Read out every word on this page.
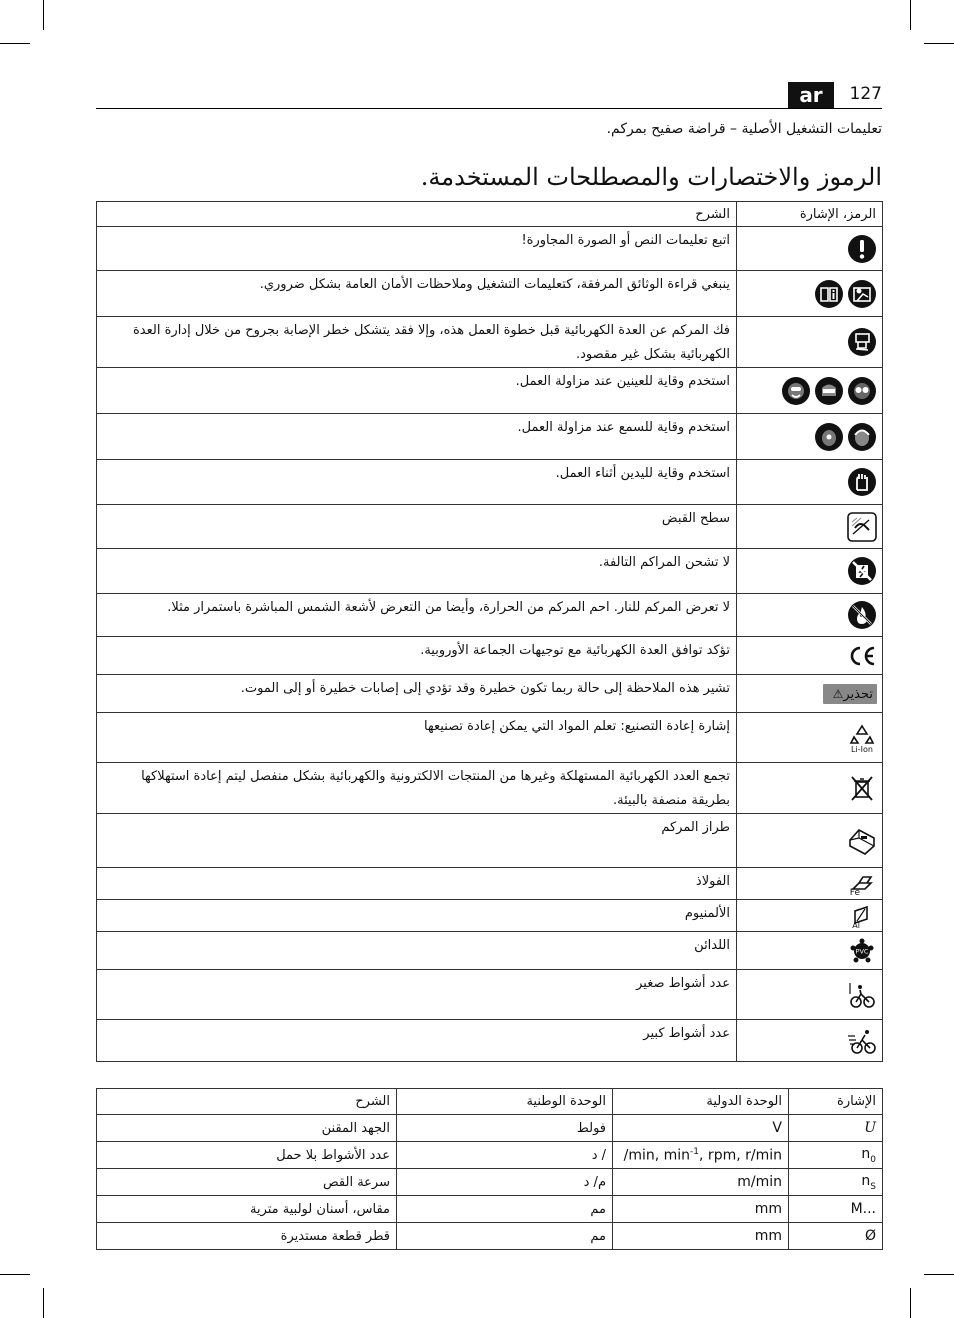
ar	127
تعليمات التشغيل الأصلية – قراضة صفيح بمركم.
الرموز والاختصارات والمصطلحات المستخدمة.
الرمز، الإشارة	الشرح

	اتبع تعليمات النص أو الصورة المجاورة!

	ينبغي قراءة الوثائق المرفقة، كتعليمات التشغيل وملاحظات الأمان العامة بشكل ضروري.

	فك المركم عن العدة الكهربائية قبل خطوة العمل هذه، وإلا فقد يتشكل خطر الإصابة بجروح من خلال إدارة العدة الكهربائية بشكل غير مقصود.

	استخدم وقاية للعينين عند مزاولة العمل.

	استخدم وقاية للسمع عند مزاولة العمل.

	استخدم وقاية لليدين أثناء العمل.

	سطح القبض

	لا تشحن المراكم التالفة.

	لا تعرض المركم للنار. احم المركم من الحرارة، وأيضا من التعرض لأشعة الشمس المباشرة باستمرار مثلا.

	تؤكد توافق العدة الكهربائية مع توجيهات الجماعة الأوروبية.

تحذير
⚠	تشير هذه الملاحظة إلى حالة ربما تكون خطيرة وقد تؤدي إلى إصابات خطيرة أو إلى الموت.

Li-Ion	إشارة إعادة التصنيع: تعلم المواد التي يمكن إعادة تصنيعها

	تجمع العدد الكهربائية المستهلكة وغيرها من المنتجات الالكترونية والكهربائية بشكل منفصل ليتم إعادة استهلاكها بطريقة منصفة بالبيئة.

	طراز المركم

Fe	الفولاذ

Al	الألمنيوم

PVC	اللدائن

	عدد أشواط صغير

	عدد أشواط كبير
الإشارة	الوحدة الدولية	الوحدة الوطنية	الشرح
U	V	فولط	الجهد المقنن
$n_0$	/min, $\min^{-1}$, rpm, r/min	/ د	عدد الأشواط بلا حمل
$n_S$	m/min	م/ د	سرعة القص
M...	mm	مم	مقاس، أسنان لولبية مترية
Ø	mm	مم	قطر قطعة مستديرة
